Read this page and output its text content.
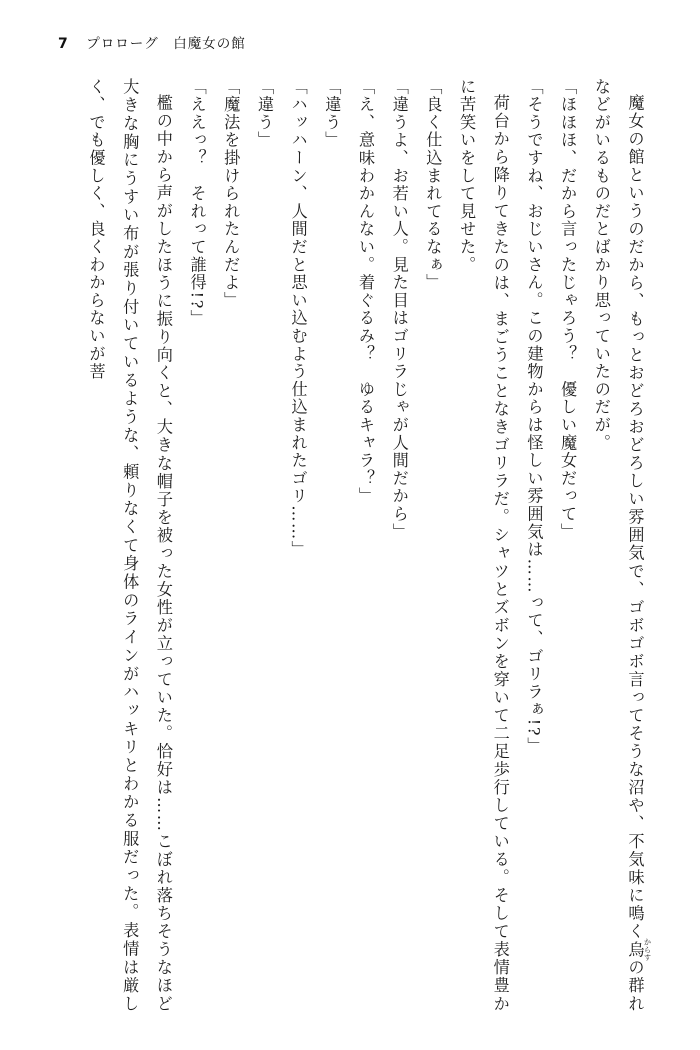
7 プロローグ　白魔女の館

魔女の館というのだから、もっとおどろおどろしい雰囲気で、ゴボゴボ言ってそうな沼や、不気味に鳴く烏 からすの群れなどがいるものだとばかり思っていたのだが。

「ほほほ、だから言ったじゃろう？　優しい魔女だって」

「そうですね、おじいさん。この建物からは怪しい雰囲気は……って、ゴリラぁ!?」

荷台から降りてきたのは、まごうことなきゴリラだ。シャツとズボンを穿いて二足歩行している。そして表情豊かに苦笑いをして見せた。

「良く仕込まれてるなぁ」

「違うよ、お若い人。見た目はゴリラじゃが人間だから」

「え、意味わかんない。着ぐるみ？　ゆるキャラ？」

「違う」

「ハッハーン、人間だと思い込むよう仕込まれたゴリ……」

「違う」

「魔法を掛けられたんだよ」

「ええっ？　それって誰得!?」

檻の中から声がしたほうに振り向くと、大きな帽子を被った女性が立っていた。恰好は……こぼれ落ちそうなほど大きな胸にうすい布が張り付いているような、頼りなくて身体のラインがハッキリとわかる服だった。表情は厳しく、でも優しく、良くわからないが菩
